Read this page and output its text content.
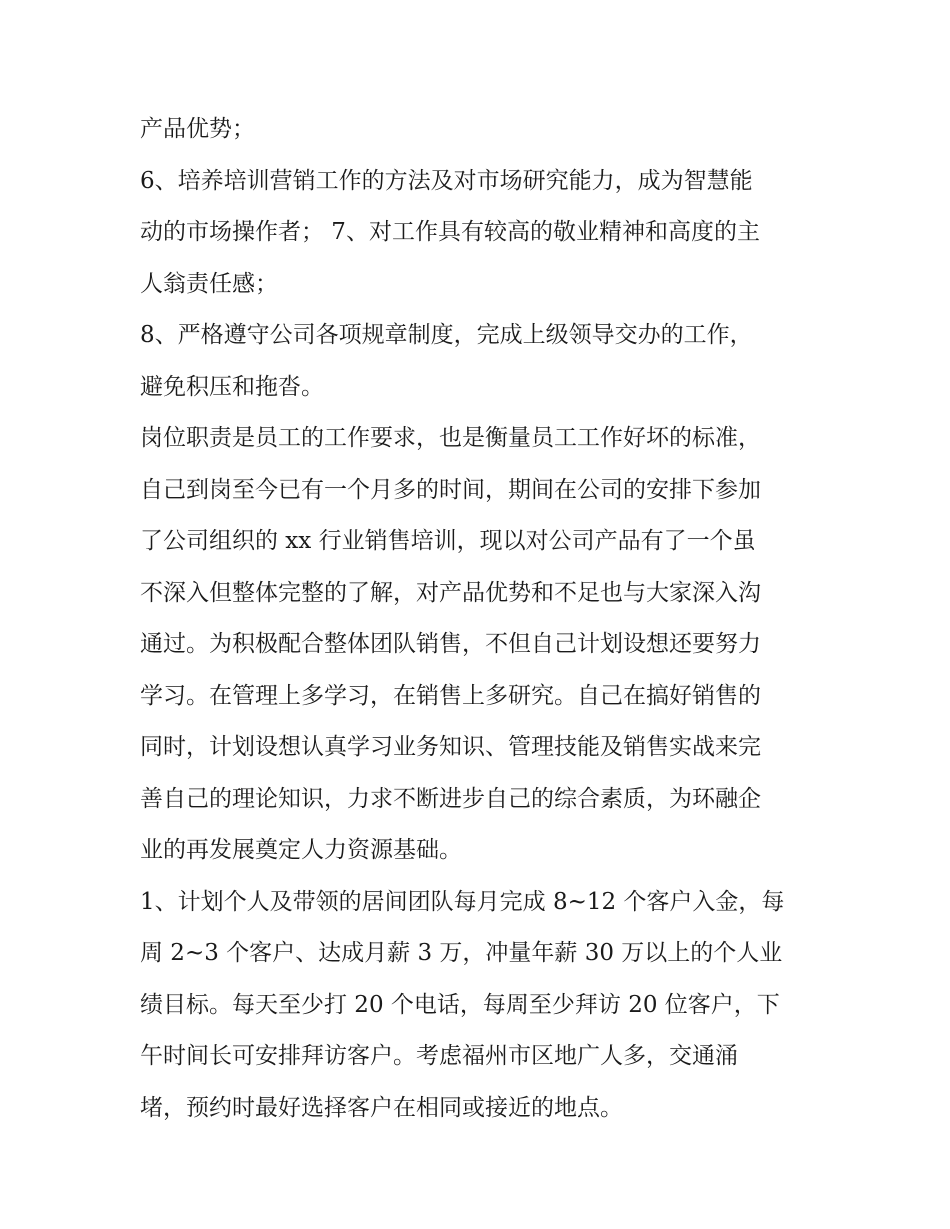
产品优势；
6、培养培训营销工作的方法及对市场研究能力，成为智慧能
动的市场操作者； 7、对工作具有较高的敬业精神和高度的主
人翁责任感；
8、严格遵守公司各项规章制度，完成上级领导交办的工作，
避免积压和拖沓。
岗位职责是员工的工作要求，也是衡量员工工作好坏的标准，
自己到岗至今已有一个月多的时间，期间在公司的安排下参加
了公司组织的 xx 行业销售培训，现以对公司产品有了一个虽
不深入但整体完整的了解，对产品优势和不足也与大家深入沟
通过。为积极配合整体团队销售，不但自己计划设想还要努力
学习。在管理上多学习，在销售上多研究。自己在搞好销售的
同时，计划设想认真学习业务知识、管理技能及销售实战来完
善自己的理论知识，力求不断进步自己的综合素质，为环融企
业的再发展奠定人力资源基础。
1、计划个人及带领的居间团队每月完成 8~12 个客户入金，每
周 2~3 个客户、达成月薪 3 万，冲量年薪 30 万以上的个人业
绩目标。每天至少打 20 个电话，每周至少拜访 20 位客户，下
午时间长可安排拜访客户。考虑福州市区地广人多，交通涌
堵，预约时最好选择客户在相同或接近的地点。
